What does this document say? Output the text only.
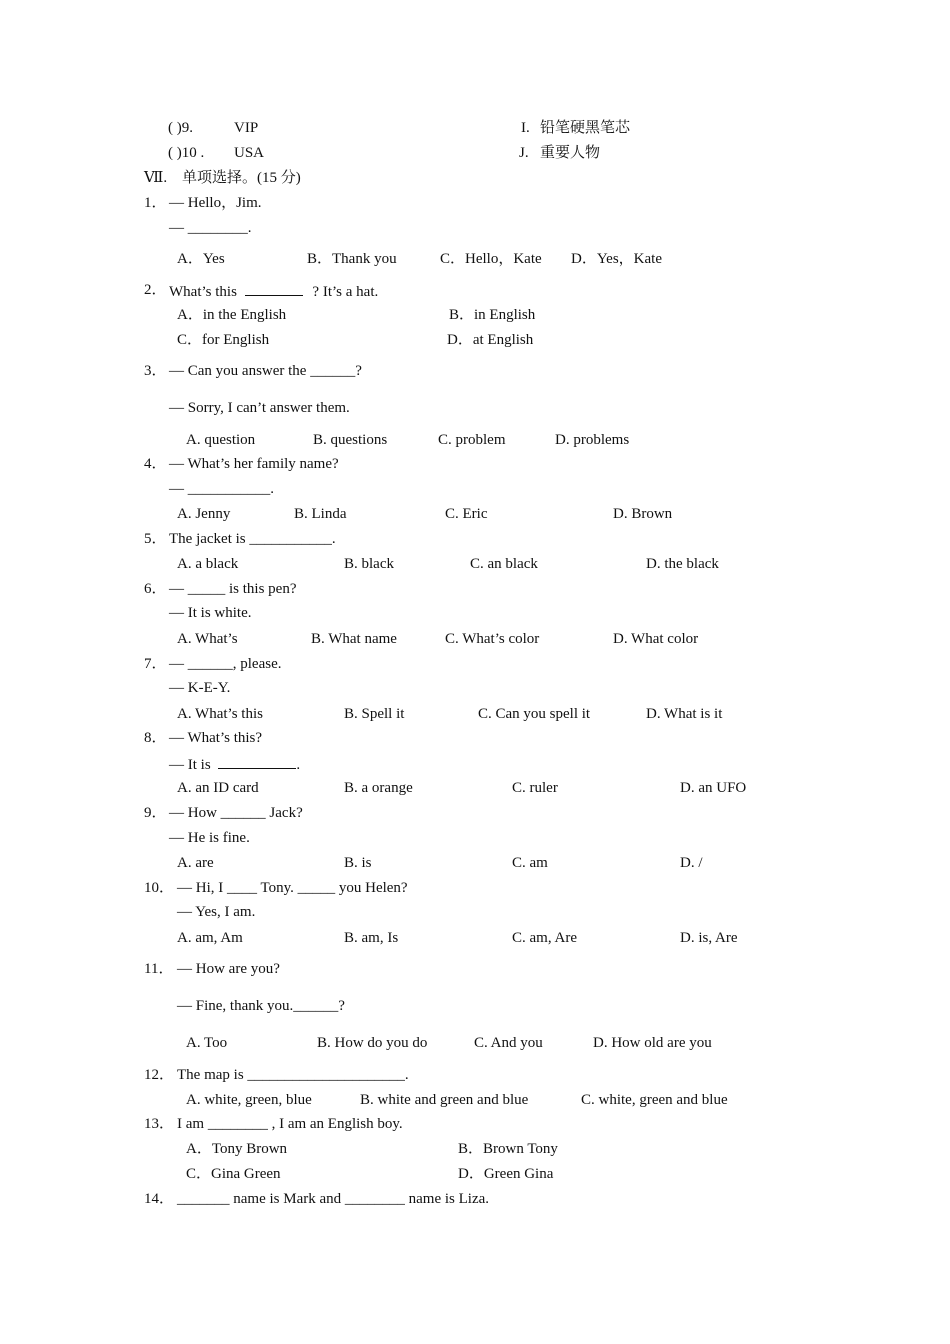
( )9.	VIP	I. 铅笔硬黑笔芯
( )10 . USA	J. 重要人物
Ⅶ. 单项选择。(15 分)
1． — Hello，Jim.
— ________.
A．Yes	B．Thank you	C．Hello，Kate D．Yes，Kate
2． What’s this	? It’s a hat.
A．in the English	B．in English
C．for English	D．at English
3． — Can you answer the ______?
— Sorry, I can’t answer them.
A. question	B. questions	C. problem	D. problems
4． — What’s her family name?
— ___________.
A. Jenny	B. Linda	C. Eric	D. Brown
5． The jacket is ___________.
A. a black	B. black	C. an black	D. the black
6． — _____ is this pen?
— It is white.
A. What’s	B. What name	C. What’s color	D. What color
7． — ______, please.
— K-E-Y.
A. What’s this	B. Spell it	C. Can you spell it	D. What is it
8． — What’s this?
— It is	.
A. an ID card	B. a orange	C. ruler	D. an UFO
9． — How ______ Jack?
— He is fine.
A. are	B. is	C. am	D. /
10． — Hi, I ____ Tony. _____ you Helen?
— Yes, I am.
A. am, Am	B. am, Is	C. am, Are	D. is, Are
11． — How are you?
— Fine, thank you.______?
A. Too	B. How do you do	C. And you	D. How old are you
12． The map is _____________________.
A. white, green, blue	B. white and green and blue	C. white, green and blue
13． I am ________ , I am an English boy.
A．Tony Brown	B．Brown Tony
C．Gina Green	D．Green Gina
14． _______ name is Mark and ________ name is Liza.
